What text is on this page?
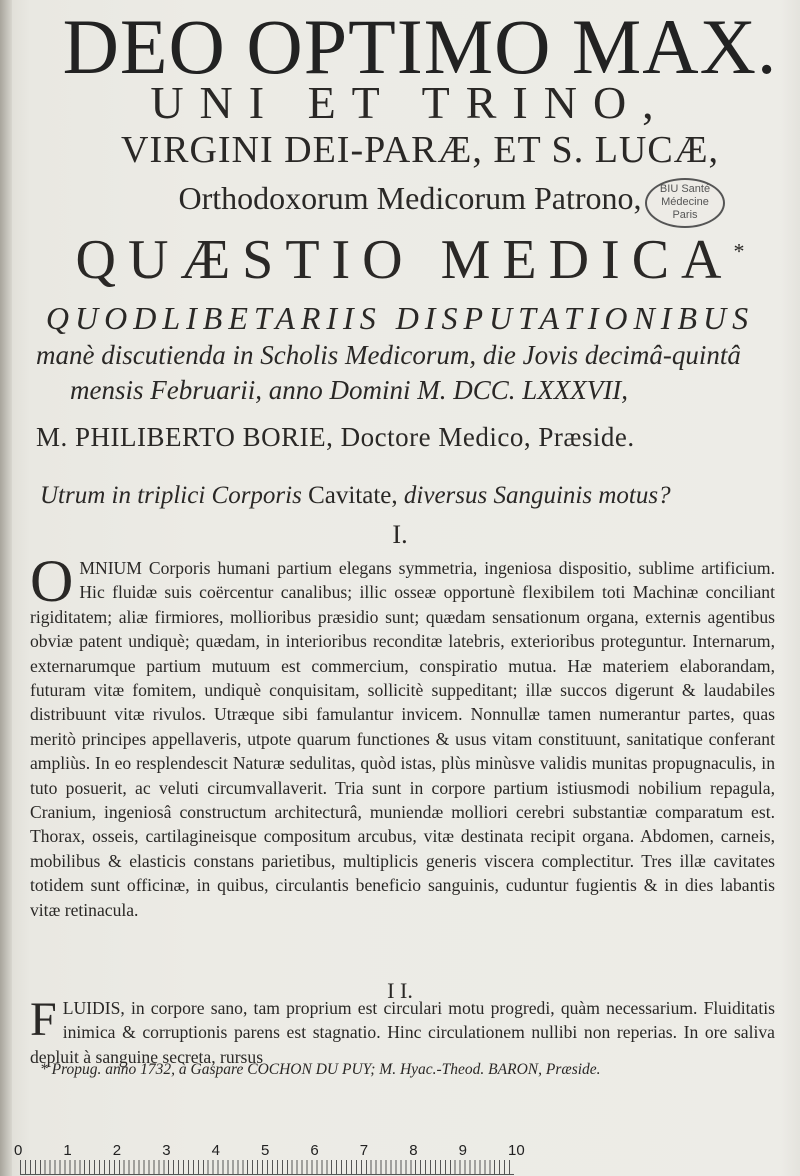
DEO OPTIMO MAX.
UNI ET TRINO,
VIRGINI DEI-PARÆ, ET S. LUCÆ,
Orthodoxorum Medicorum Patrono,	BIU Santé
Médecine
Paris
QUÆSTIO MEDICA*
QUODLIBETARIIS DISPUTATIONIBUS
manè discutienda in Scholis Medicorum, die Jovis decimâ-quintâ
mensis Februarii, anno Domini M. DCC. LXXXVII,
M. PHILIBERTO BORIE, Doctore Medico, Præside.
Utrum in triplici Corporis Cavitate, diversus Sanguinis motus?
I.

OMNIUM Corporis humani partium elegans symmetria, ingeniosa dispositio, sublime artificium. Hic fluidæ suis coërcentur canalibus; illic osseæ opportunè flexibilem toti Machinæ conciliant rigiditatem; aliæ firmiores, mollioribus præsidio sunt; quædam sensationum organa, externis agentibus obviæ patent undiquè; quædam, in interioribus reconditæ latebris, exterioribus proteguntur. Internarum, externarumque partium mutuum est commercium, conspiratio mutua. Hæ materiem elaborandam, futuram vitæ fomitem, undiquè conquisitam, sollicitè suppeditant; illæ succos digerunt & laudabiles distribuunt vitæ rivulos. Utræque sibi famulantur invicem. Nonnullæ tamen numerantur partes, quas meritò principes appellaveris, utpote quarum functiones & usus vitam constituunt, sanitatique conferant ampliùs. In eo resplendescit Naturæ sedulitas, quòd istas, plùs minùsve validis munitas propugnaculis, in tuto posuerit, ac veluti circumvallaverit. Tria sunt in corpore partium istiusmodi nobilium repagula, Cranium, ingeniosâ constructum architecturâ, muniendæ molliori cerebri substantiæ comparatum est. Thorax, osseis, cartilagineisque compositum arcubus, vitæ destinata recipit organa. Abdomen, carneis, mobilibus & elasticis constans parietibus, multiplicis generis viscera complectitur. Tres illæ cavitates totidem sunt officinæ, in quibus, circulantis beneficio sanguinis, cuduntur fugientis & in dies labantis vitæ retinacula.

I I.

FLUIDIS, in corpore sano, tam proprium est circulari motu progredi, quàm necessarium. Fluiditatis inimica & corruptionis parens est stagnatio. Hinc circulationem nullibi non reperias. In ore saliva depluit à sanguine secreta, rursus

* Propug. anno 1732, à Gaspare COCHON DU PUY; M. Hyac.-Theod. BARON, Præside.
0	1	2	3	4	5	6	7	8	9	10
